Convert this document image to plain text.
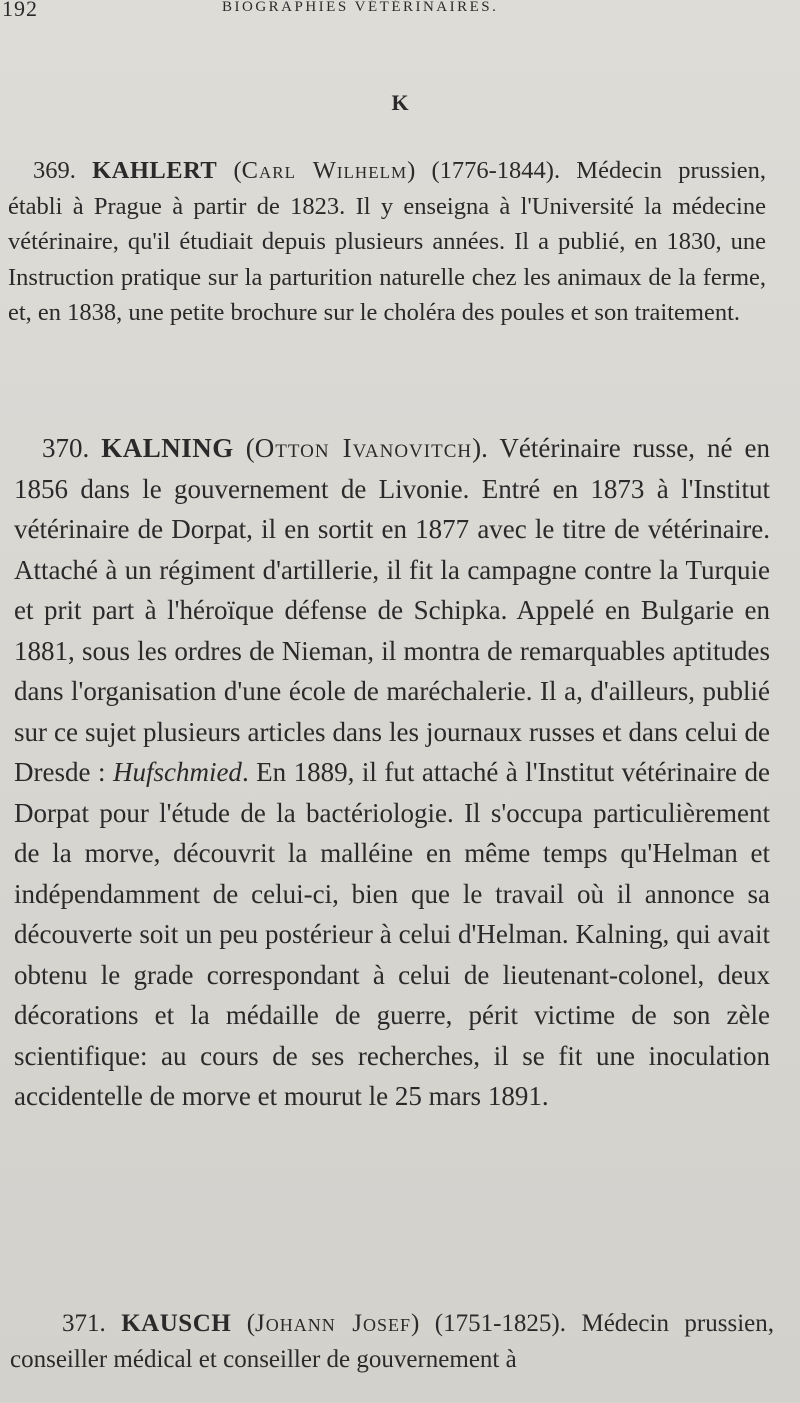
192	BIOGRAPHIES VÉTÉRINAIRES.
K

369. KAHLERT (Carl Wilhelm) (1776-1844). Médecin prussien, établi à Prague à partir de 1823. Il y enseigna à l'Université la médecine vétérinaire, qu'il étudiait depuis plusieurs années. Il a publié, en 1830, une Instruction pratique sur la parturition naturelle chez les animaux de la ferme, et, en 1838, une petite brochure sur le choléra des poules et son traitement.

370. KALNING (Otton Ivanovitch). Vétérinaire russe, né en 1856 dans le gouvernement de Livonie. Entré en 1873 à l'Institut vétérinaire de Dorpat, il en sortit en 1877 avec le titre de vétérinaire. Attaché à un régiment d'artillerie, il fit la campagne contre la Turquie et prit part à l'héroïque défense de Schipka. Appelé en Bulgarie en 1881, sous les ordres de Nieman, il montra de remarquables aptitudes dans l'organisation d'une école de maréchalerie. Il a, d'ailleurs, publié sur ce sujet plusieurs articles dans les journaux russes et dans celui de Dresde : Hufschmied. En 1889, il fut attaché à l'Institut vétérinaire de Dorpat pour l'étude de la bactériologie. Il s'occupa particulièrement de la morve, découvrit la malléine en même temps qu'Helman et indépendamment de celui-ci, bien que le travail où il annonce sa découverte soit un peu postérieur à celui d'Helman. Kalning, qui avait obtenu le grade correspondant à celui de lieutenant-colonel, deux décorations et la médaille de guerre, périt victime de son zèle scientifique: au cours de ses recherches, il se fit une inoculation accidentelle de morve et mourut le 25 mars 1891.

371. KAUSCH (Johann Josef) (1751-1825). Médecin prussien, conseiller médical et conseiller de gouvernement à
